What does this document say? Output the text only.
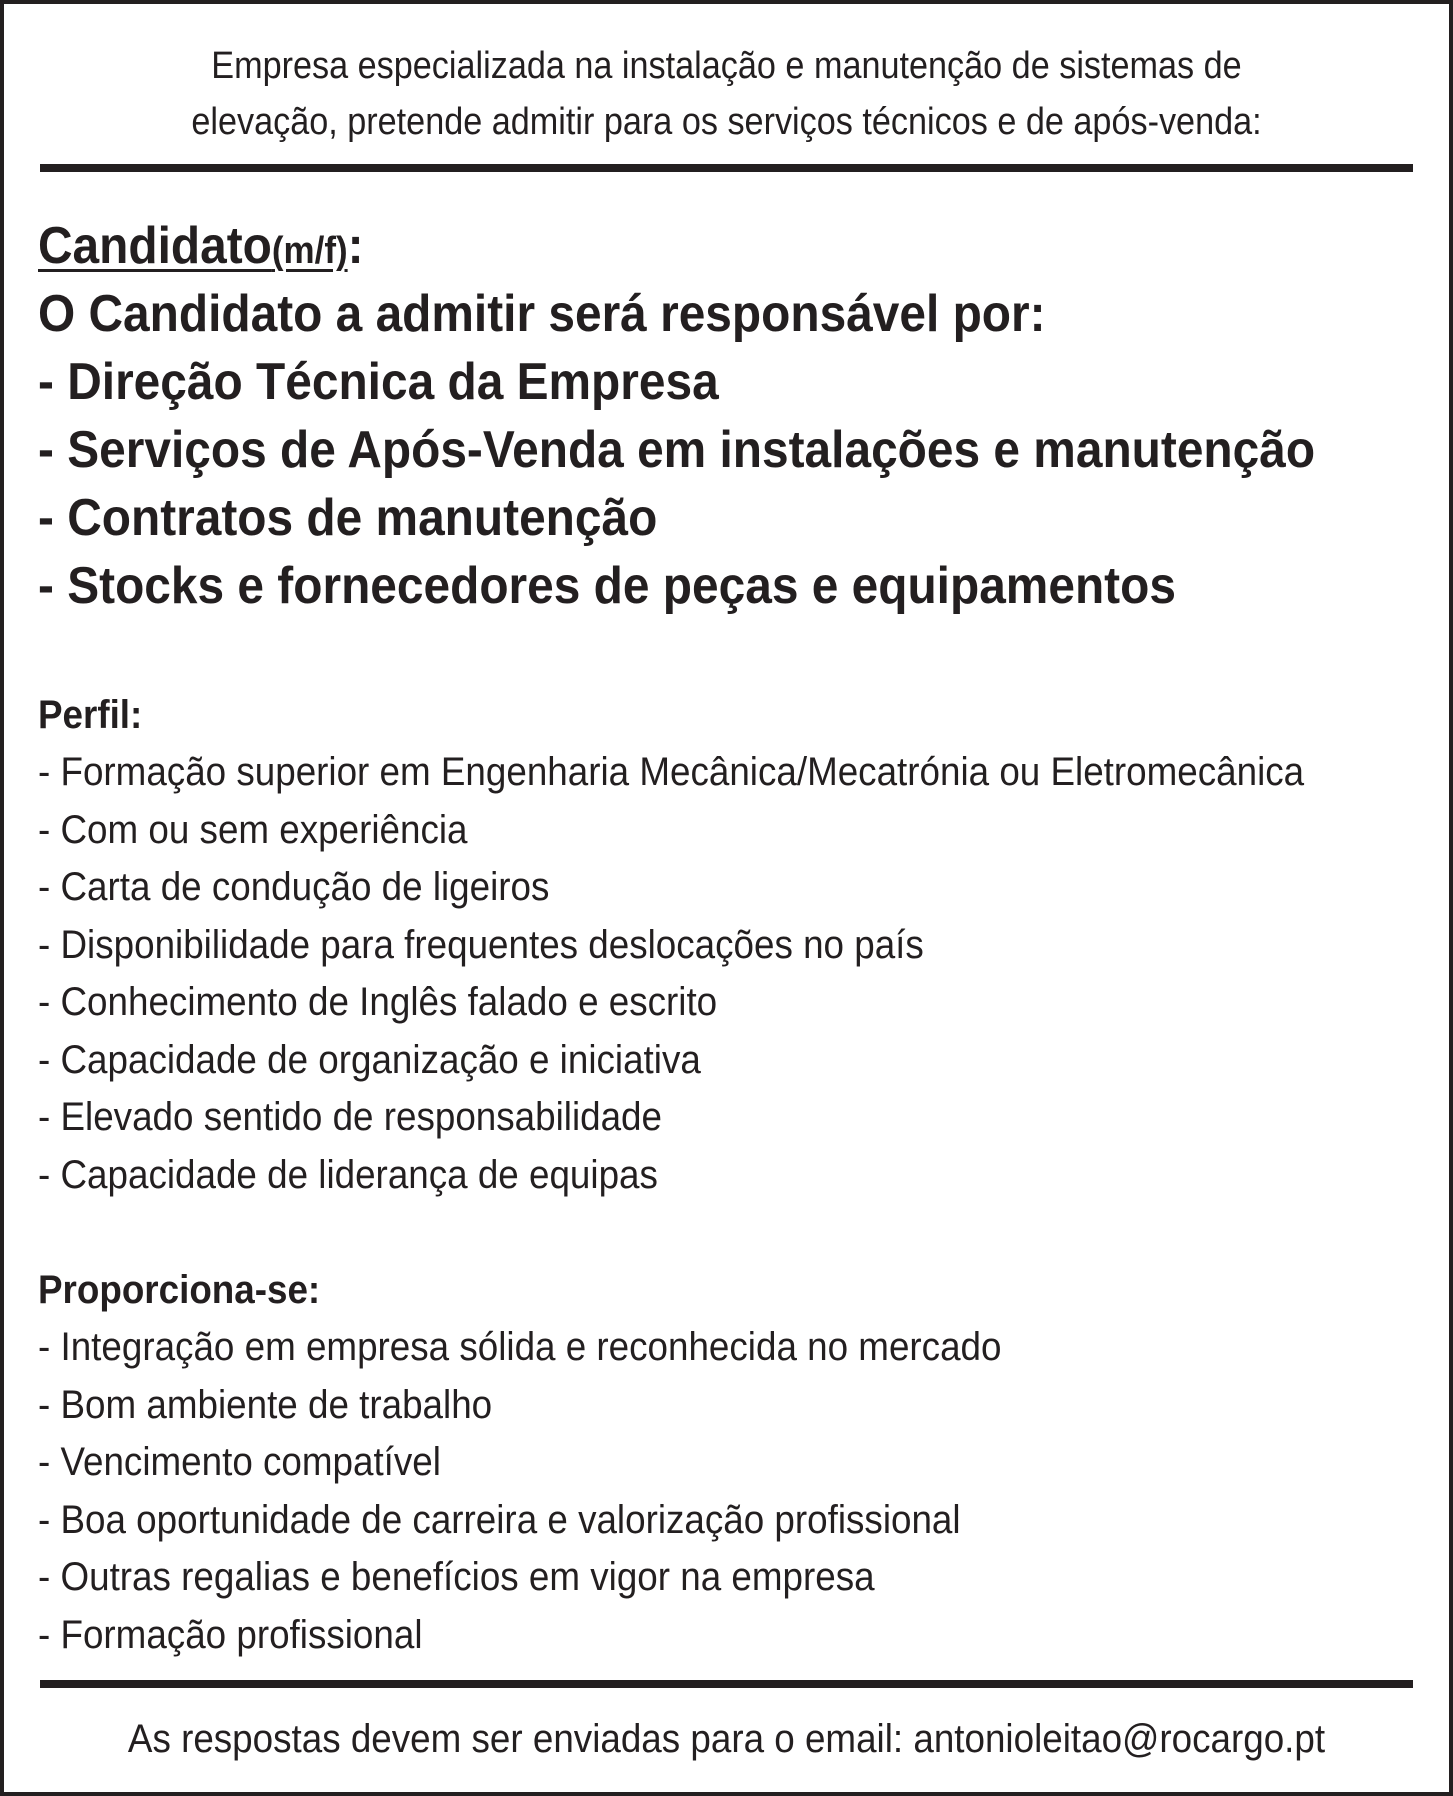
Empresa especializada na instalação e manutenção de sistemas de
elevação, pretende admitir para os serviços técnicos e de após-venda:
Candidato(m/f):
O Candidato a admitir será responsável por:
- Direção Técnica da Empresa
- Serviços de Após-Venda em instalações e manutenção
- Contratos de manutenção
- Stocks e fornecedores de peças e equipamentos
Perfil:
- Formação superior em Engenharia Mecânica/Mecatrónia ou Eletromecânica
- Com ou sem experiência
- Carta de condução de ligeiros
- Disponibilidade para frequentes deslocações no país
- Conhecimento de Inglês falado e escrito
- Capacidade de organização e iniciativa
- Elevado sentido de responsabilidade
- Capacidade de liderança de equipas
Proporciona-se:
- Integração em empresa sólida e reconhecida no mercado
- Bom ambiente de trabalho
- Vencimento compatível
- Boa oportunidade de carreira e valorização profissional
- Outras regalias e benefícios em vigor na empresa
- Formação profissional
As respostas devem ser enviadas para o email: antonioleitao@rocargo.pt
